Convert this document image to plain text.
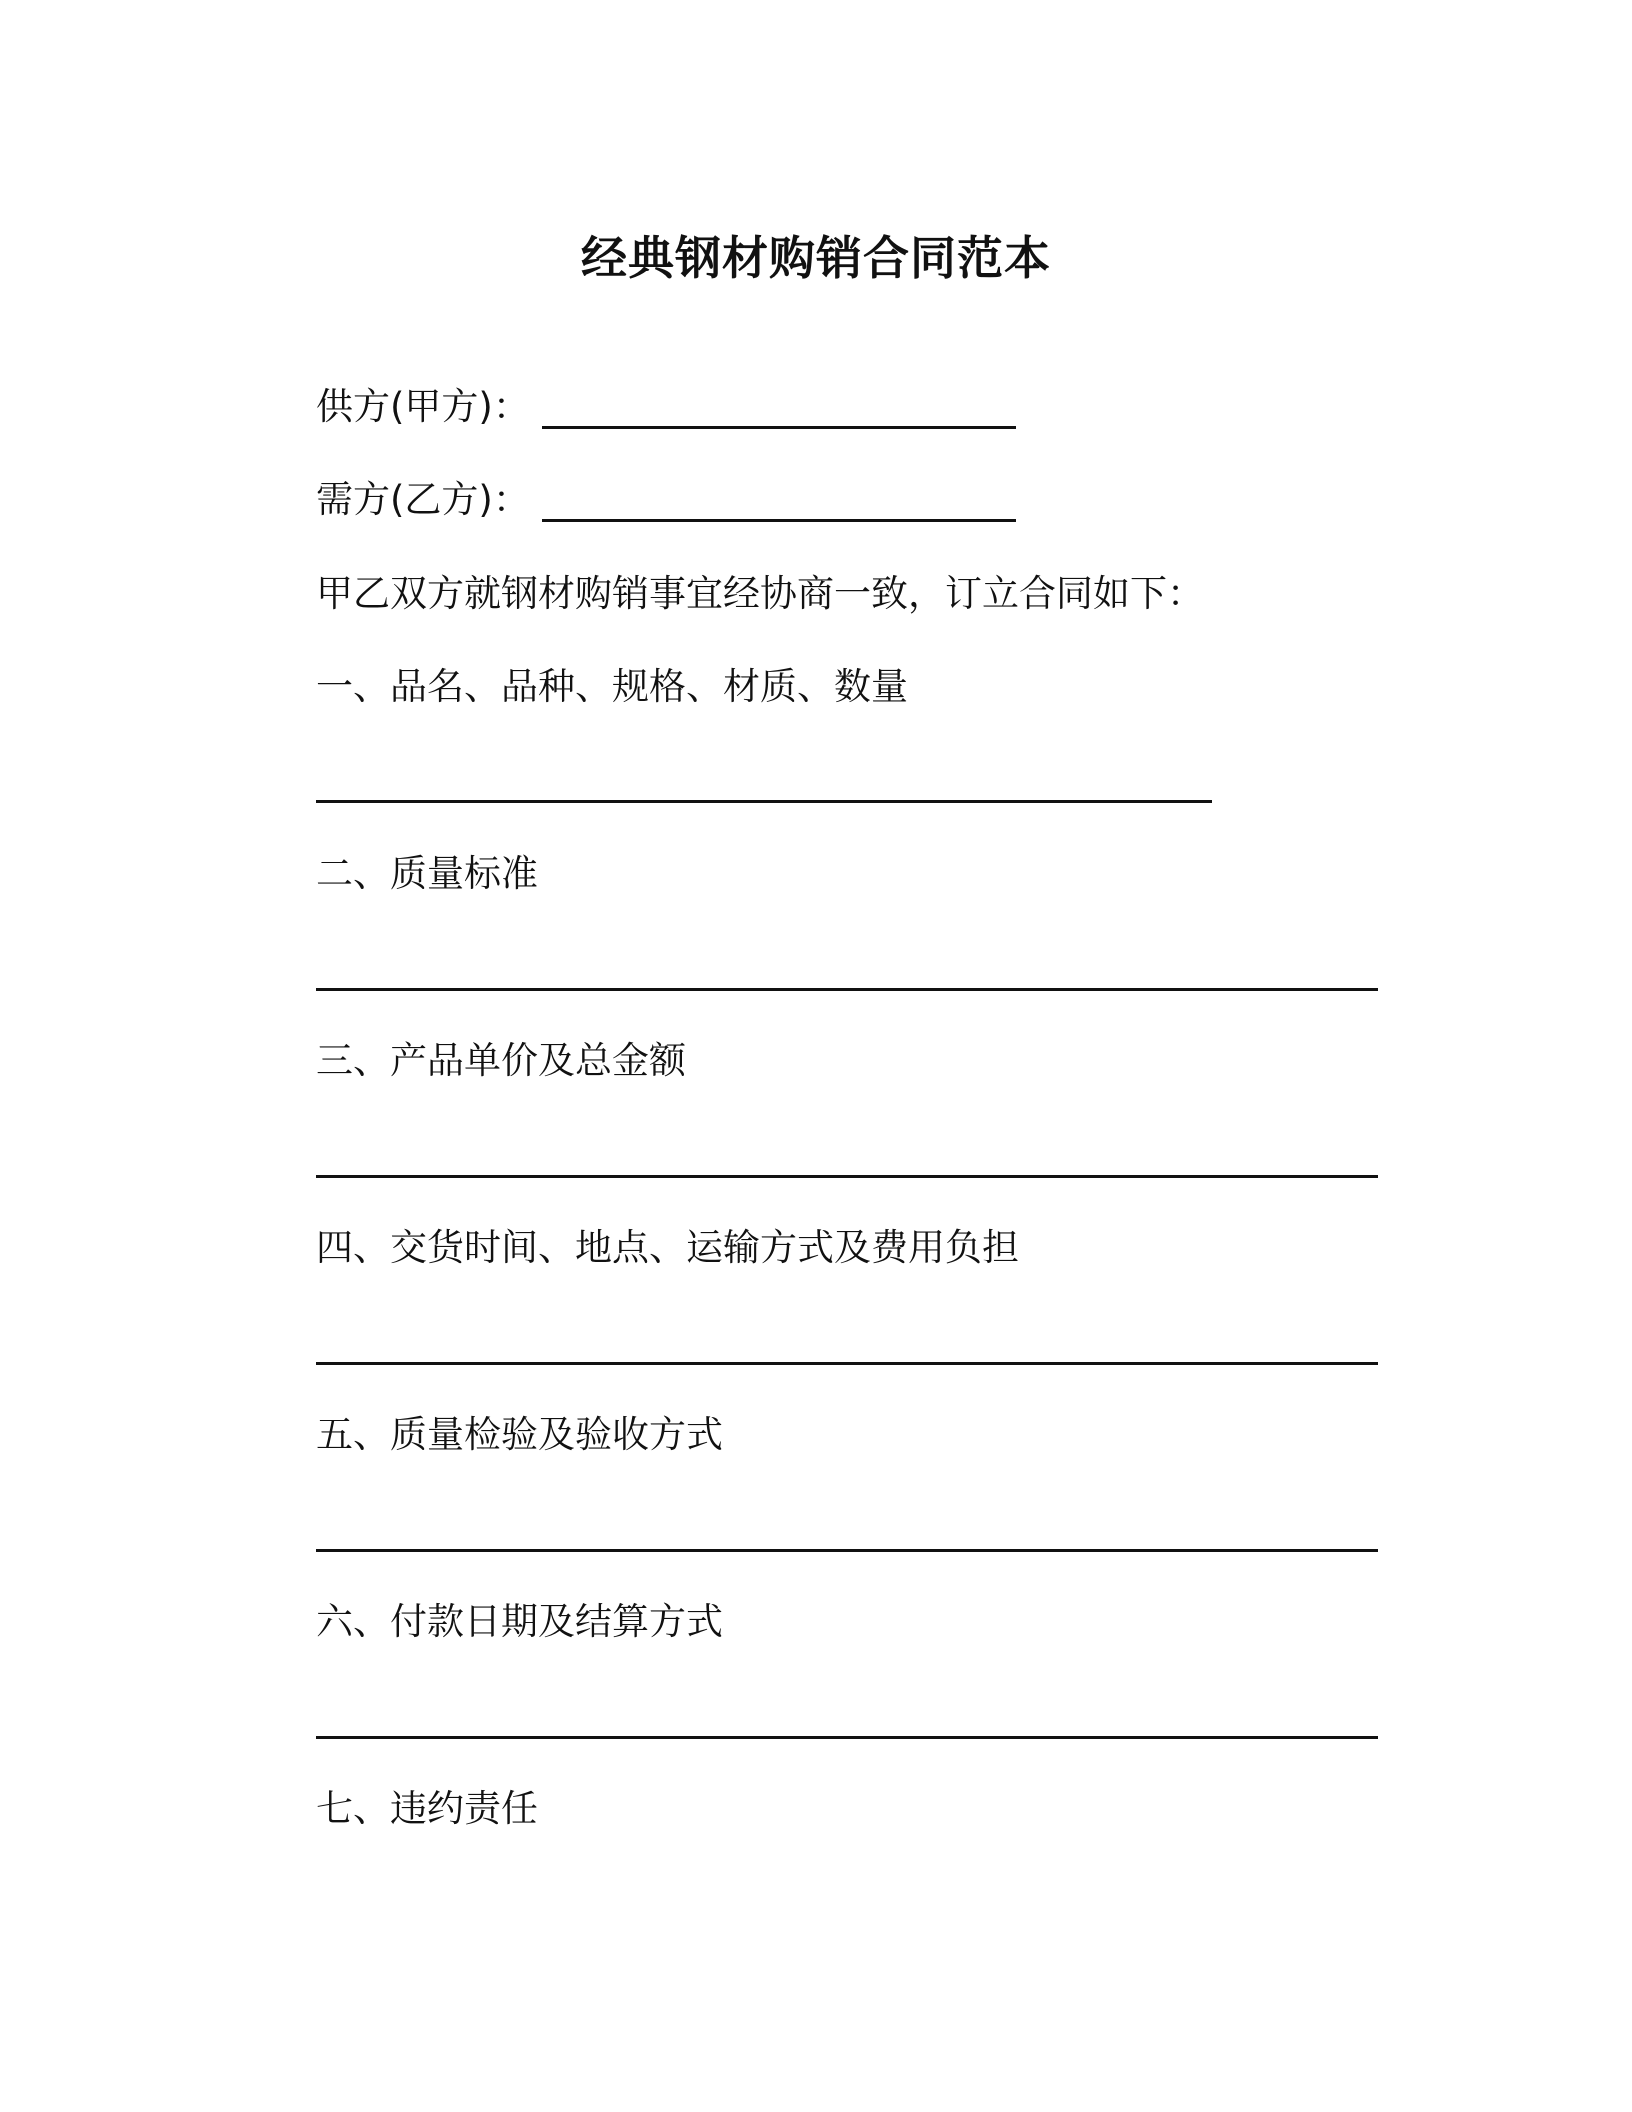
经典钢材购销合同范本
供方(甲方)：
需方(乙方)：
甲乙双方就钢材购销事宜经协商一致，订立合同如下：
一、品名、品种、规格、材质、数量
二、质量标准
三、产品单价及总金额
四、交货时间、地点、运输方式及费用负担
五、质量检验及验收方式
六、付款日期及结算方式
七、违约责任
